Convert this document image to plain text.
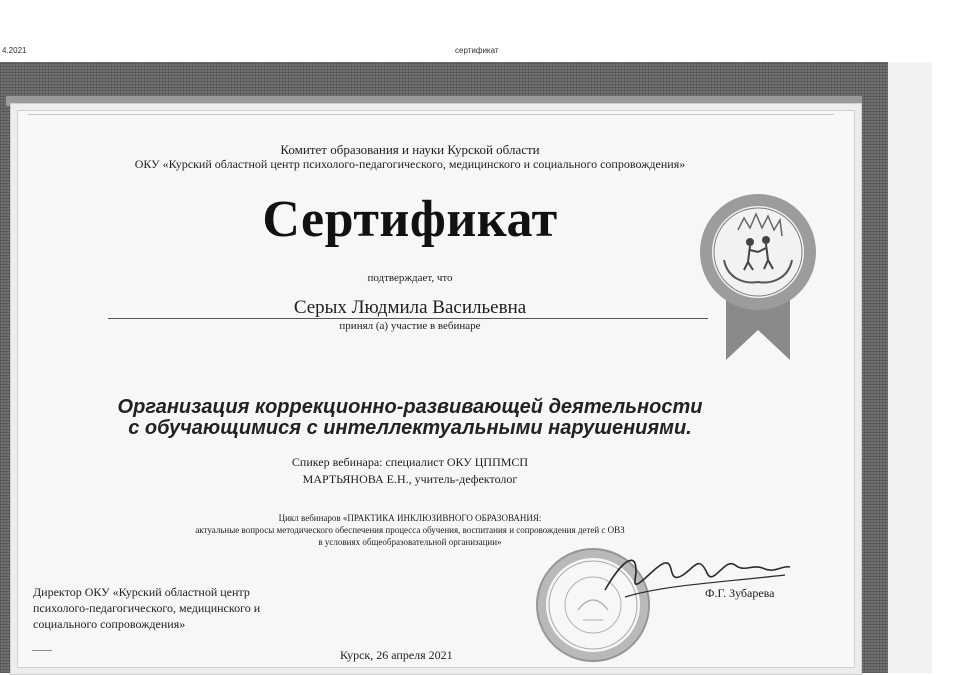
4.2021	сертификат
Комитет образования и науки Курской области
ОКУ «Курский областной центр психолого-педагогического, медицинского и социального сопровождения»
Сертификат
подтверждает, что
Серых Людмила Васильевна
принял (а) участие в вебинаре
Организация коррекционно-развивающей деятельности
с обучающимися с интеллектуальными нарушениями.
Спикер вебинара: специалист ОКУ ЦППМСП
МАРТЬЯНОВА Е.Н., учитель-дефектолог
Цикл вебинаров «ПРАКТИКА ИНКЛЮЗИВНОГО ОБРАЗОВАНИЯ:
актуальные вопросы методического обеспечения процесса обучения, воспитания и сопровождения детей с ОВЗ
в условиях общеобразовательной организации»
Директор ОКУ «Курский областной центр
психолого-педагогического, медицинского и
социального сопровождения»
Ф.Г. Зубарева
Курск, 26 апреля 2021
